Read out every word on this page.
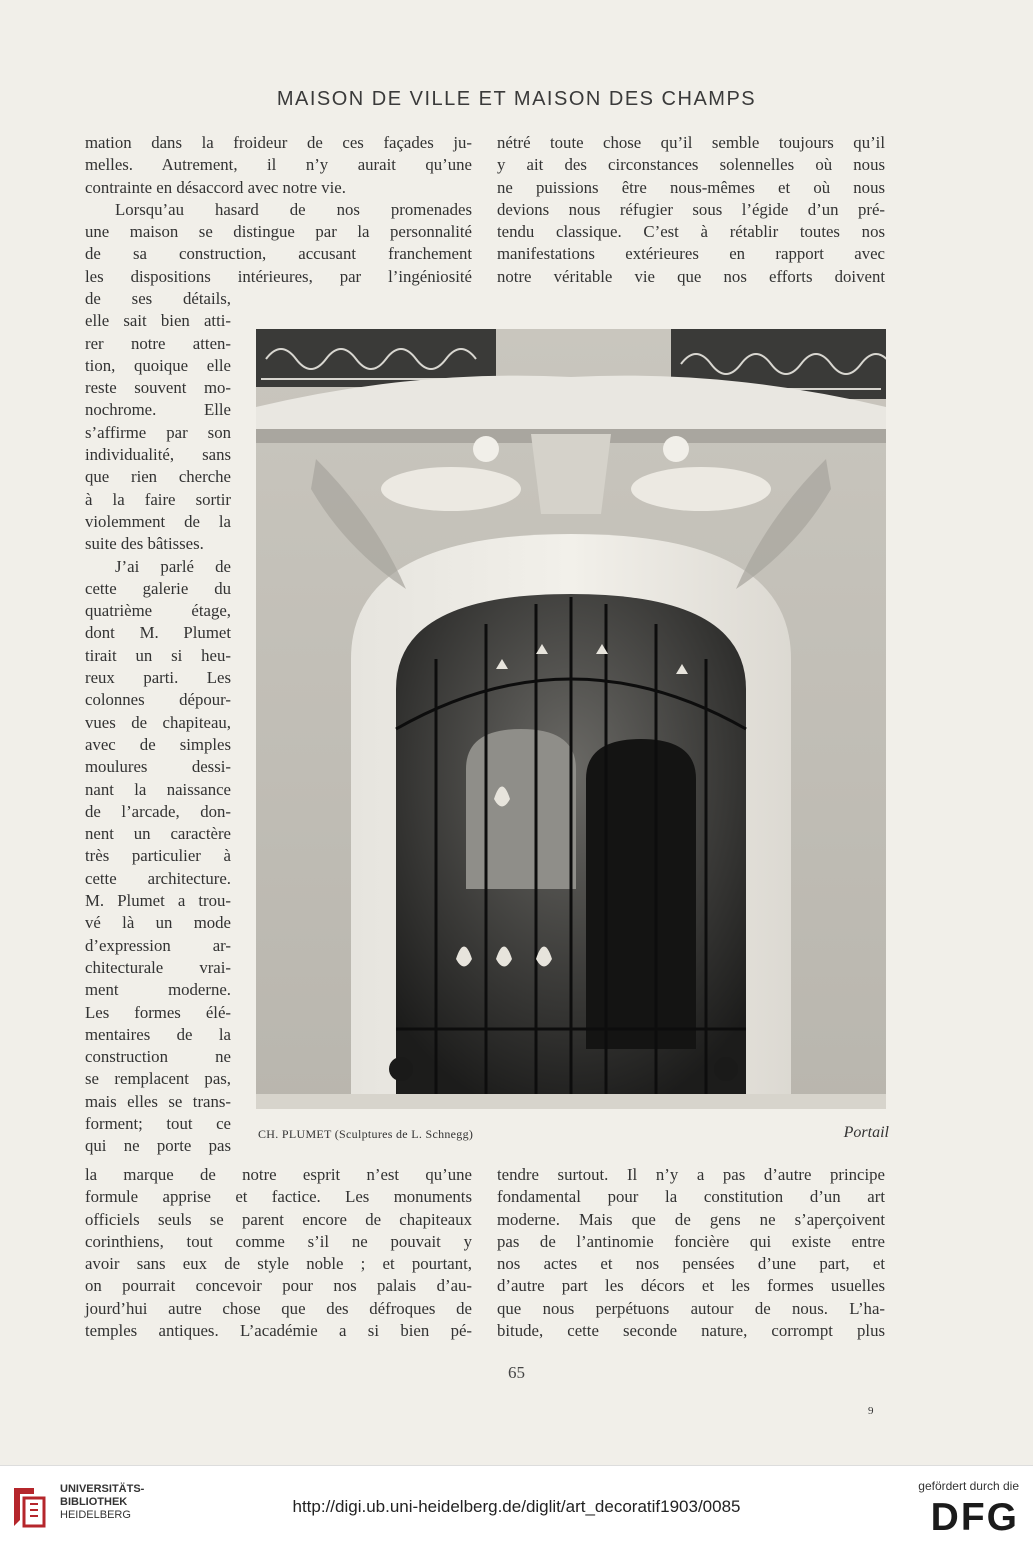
MAISON DE VILLE ET MAISON DES CHAMPS
mation dans la froideur de ces façades ju-
melles. Autrement, il n’y aurait qu’une
contrainte en désaccord avec notre vie.
Lorsqu’au hasard de nos promenades
une maison se distingue par la personnalité
de sa construction, accusant franchement
les dispositions intérieures, par l’ingéniosité
nétré toute chose qu’il semble toujours qu’il
y ait des circonstances solennelles où nous
ne puissions être nous-mêmes et où nous
devions nous réfugier sous l’égide d’un pré-
tendu classique. C’est à rétablir toutes nos
manifestations extérieures en rapport avec
notre véritable vie que nos efforts doivent
de ses détails,
elle sait bien atti-
rer notre atten-
tion, quoique elle
reste souvent mo-
nochrome. Elle
s’affirme par son
individualité, sans
que rien cherche
à la faire sortir
violemment de la
suite des bâtisses.
J’ai parlé de
cette galerie du
quatrième étage,
dont M. Plumet
tirait un si heu-
reux parti. Les
colonnes dépour-
vues de chapiteau,
avec de simples
moulures dessi-
nant la naissance
de l’arcade, don-
nent un caractère
très particulier à
cette architecture.
M. Plumet a trou-
vé là un mode
d’expression ar-
chitecturale vrai-
ment moderne.
Les formes élé-
mentaires de la
construction ne
se remplacent pas,
mais elles se trans-
forment; tout ce
qui ne porte pas
CH. PLUMET (Sculptures de L. Schnegg)	Portail
la marque de notre esprit n’est qu’une
formule apprise et factice. Les monuments
officiels seuls se parent encore de chapiteaux
corinthiens, tout comme s’il ne pouvait y
avoir sans eux de style noble ; et pourtant,
on pourrait concevoir pour nos palais d’au-
jourd’hui autre chose que des défroques de
temples antiques. L’académie a si bien pé-
tendre surtout. Il n’y a pas d’autre principe
fondamental pour la constitution d’un art
moderne. Mais que de gens ne s’aperçoivent
pas de l’antinomie foncière qui existe entre
nos actes et nos pensées d’une part, et
d’autre part les décors et les formes usuelles
que nous perpétuons autour de nous. L’ha-
bitude, cette seconde nature, corrompt plus
65
9
UNIVERSITÄTS-
BIBLIOTHEK
HEIDELBERG	http://digi.ub.uni-heidelberg.de/diglit/art_decoratif1903/0085
gefördert durch die
DFG
